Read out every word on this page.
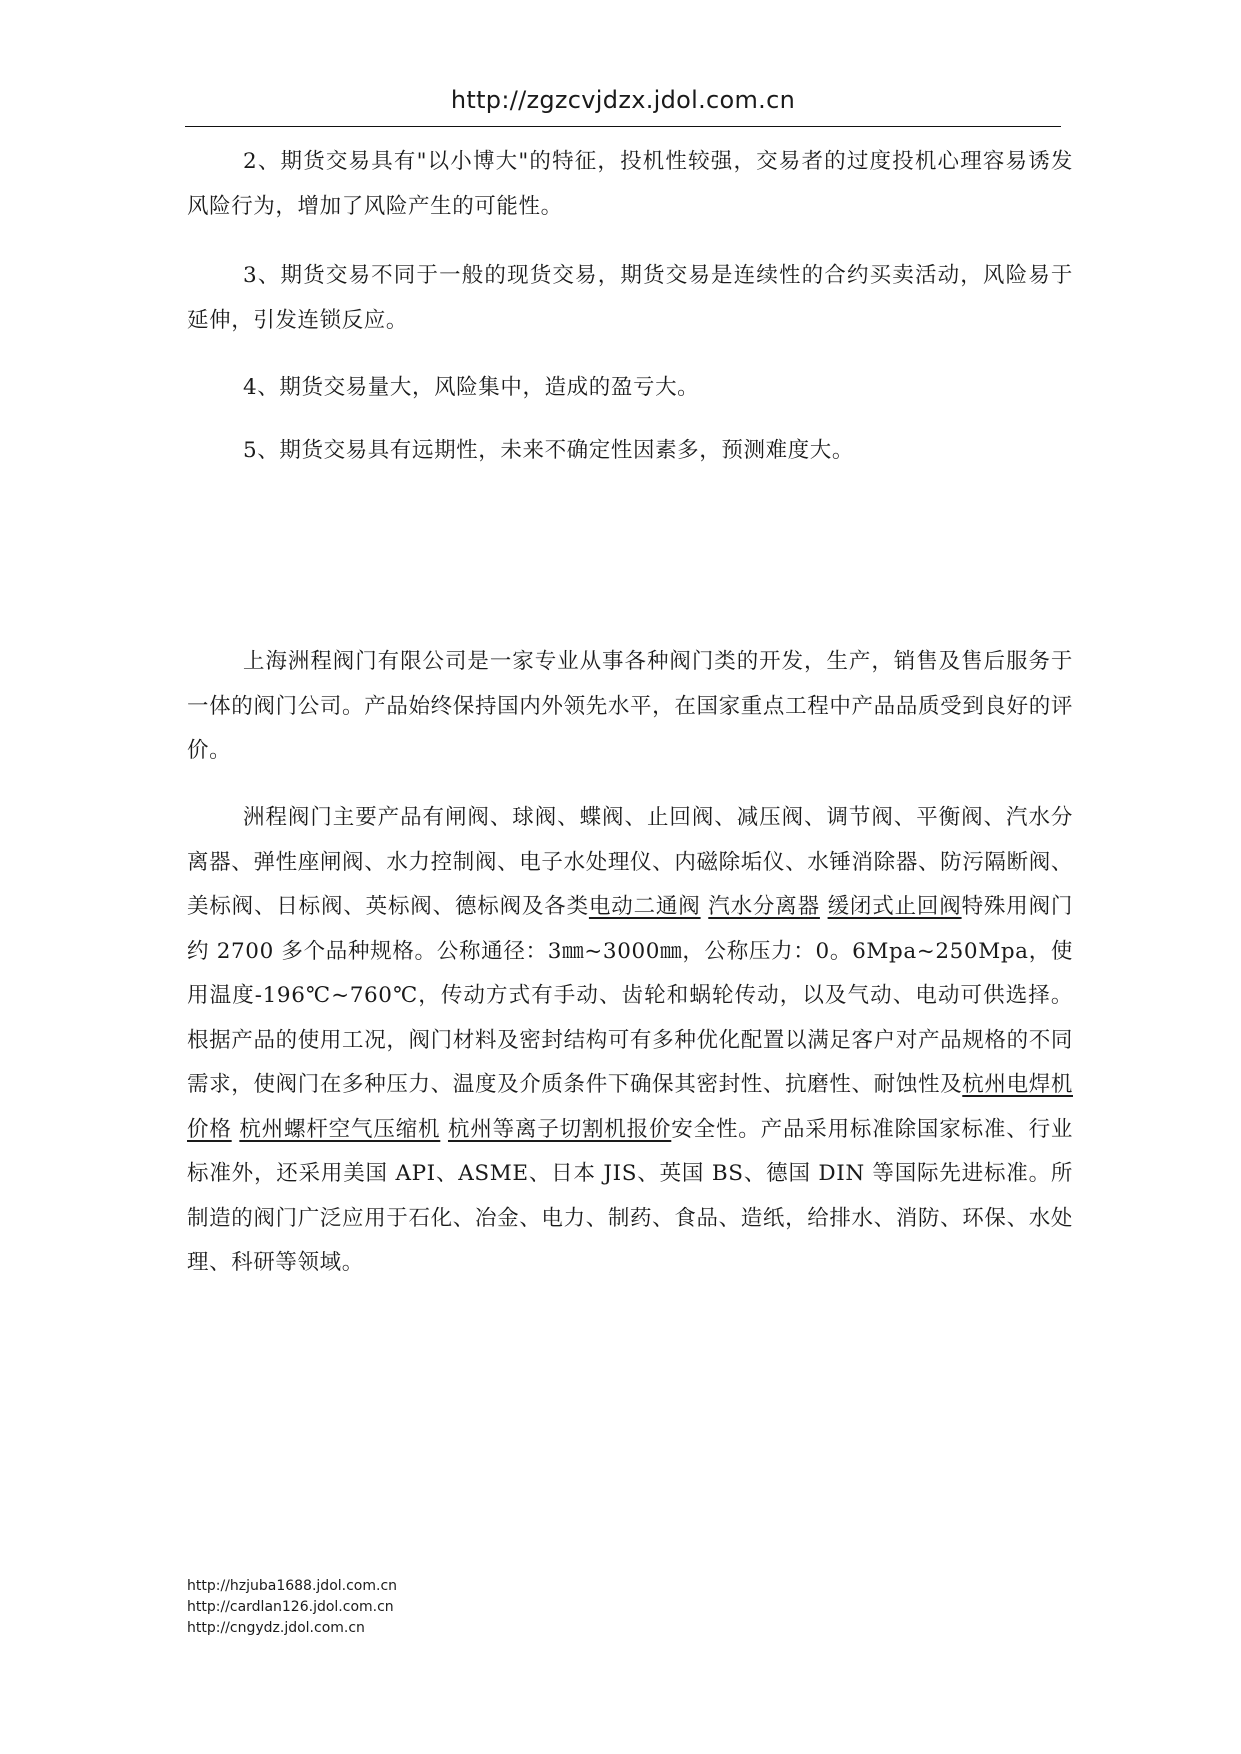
http://zgzcvjdzx.jdol.com.cn

2、期货交易具有"以小博大"的特征，投机性较强，交易者的过度投机心理容易诱发风险行为，增加了风险产生的可能性。

3、期货交易不同于一般的现货交易，期货交易是连续性的合约买卖活动，风险易于延伸，引发连锁反应。

4、期货交易量大，风险集中，造成的盈亏大。

5、期货交易具有远期性，未来不确定性因素多，预测难度大。

上海洲程阀门有限公司是一家专业从事各种阀门类的开发，生产，销售及售后服务于一体的阀门公司。产品始终保持国内外领先水平，在国家重点工程中产品品质受到良好的评价。

洲程阀门主要产品有闸阀、球阀、蝶阀、止回阀、减压阀、调节阀、平衡阀、汽水分离器、弹性座闸阀、水力控制阀、电子水处理仪、内磁除垢仪、水锤消除器、防污隔断阀、美标阀、日标阀、英标阀、德标阀及各类电动二通阀 汽水分离器 缓闭式止回阀特殊用阀门约 2700 多个品种规格。公称通径：3㎜~3000㎜，公称压力：0。6Mpa~250Mpa，使用温度-196℃~760℃，传动方式有手动、齿轮和蜗轮传动，以及气动、电动可供选择。根据产品的使用工况，阀门材料及密封结构可有多种优化配置以满足客户对产品规格的不同需求，使阀门在多种压力、温度及介质条件下确保其密封性、抗磨性、耐蚀性及杭州电焊机价格 杭州螺杆空气压缩机 杭州等离子切割机报价安全性。产品采用标准除国家标准、行业标准外，还采用美国 API、ASME、日本 JIS、英国 BS、德国 DIN 等国际先进标准。所制造的阀门广泛应用于石化、冶金、电力、制药、食品、造纸，给排水、消防、环保、水处理、科研等领域。

http://hzjuba1688.jdol.com.cn
http://cardlan126.jdol.com.cn
http://cngydz.jdol.com.cn
